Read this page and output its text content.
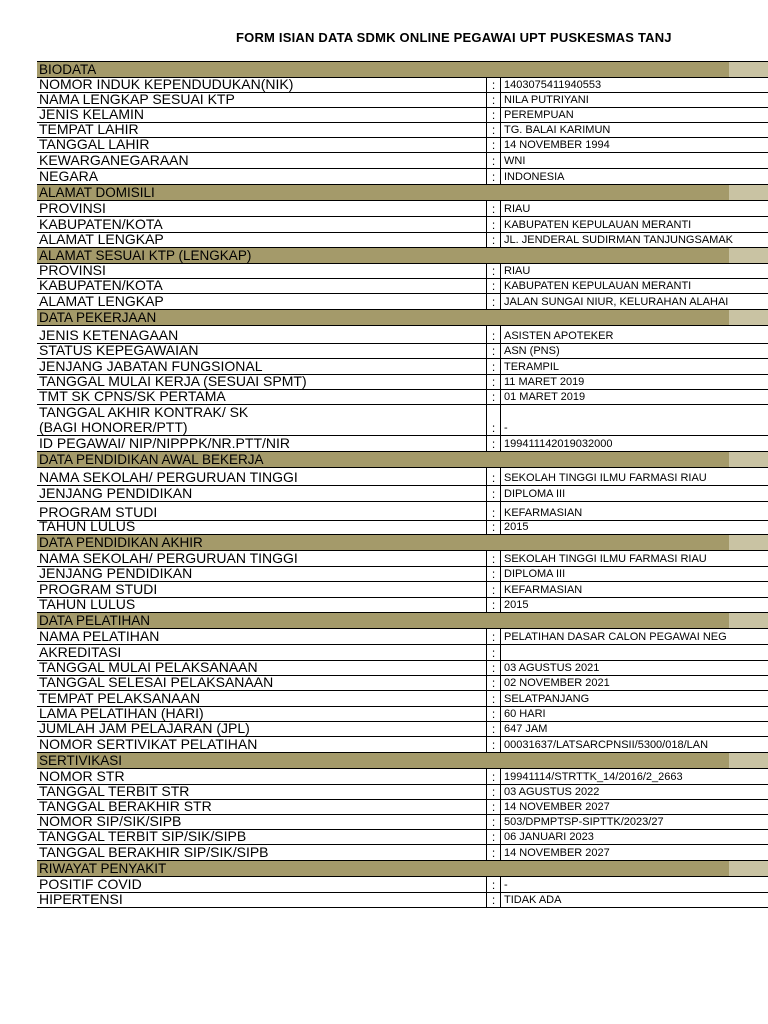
FORM ISIAN DATA SDMK ONLINE PEGAWAI UPT PUSKESMAS TANJ
BIODATA
NOMOR INDUK KEPENDUDUKAN(NIK)	: 1403075411940553
NAMA LENGKAP SESUAI KTP	: NILA PUTRIYANI
JENIS KELAMIN	: PEREMPUAN
TEMPAT LAHIR	: TG. BALAI KARIMUN
TANGGAL LAHIR	: 14 NOVEMBER 1994
KEWARGANEGARAAN	: WNI
NEGARA	: INDONESIA
ALAMAT DOMISILI
PROVINSI	: RIAU
KABUPATEN/KOTA	: KABUPATEN KEPULAUAN MERANTI
ALAMAT LENGKAP	: JL. JENDERAL SUDIRMAN TANJUNGSAMAK
ALAMAT SESUAI KTP (LENGKAP)
PROVINSI	: RIAU
KABUPATEN/KOTA	: KABUPATEN KEPULAUAN MERANTI
ALAMAT LENGKAP	: JALAN SUNGAI NIUR, KELURAHAN ALAHAI
DATA PEKERJAAN
JENIS KETENAGAAN	: ASISTEN APOTEKER
STATUS KEPEGAWAIAN	: ASN (PNS)
JENJANG JABATAN FUNGSIONAL	: TERAMPIL
TANGGAL MULAI KERJA (SESUAI SPMT)	: 11 MARET 2019
TMT SK CPNS/SK PERTAMA	: 01 MARET 2019
TANGGAL AKHIR KONTRAK/ SK
(BAGI HONORER/PTT)	: -
ID PEGAWAI/ NIP/NIPPPK/NR.PTT/NIR	: 199411142019032000
DATA PENDIDIKAN AWAL BEKERJA
NAMA SEKOLAH/ PERGURUAN TINGGI	: SEKOLAH TINGGI ILMU FARMASI RIAU
JENJANG PENDIDIKAN	: DIPLOMA III
PROGRAM STUDI	: KEFARMASIAN
TAHUN LULUS	: 2015
DATA PENDIDIKAN AKHIR
NAMA SEKOLAH/ PERGURUAN TINGGI	: SEKOLAH TINGGI ILMU FARMASI RIAU
JENJANG PENDIDIKAN	: DIPLOMA III
PROGRAM STUDI	: KEFARMASIAN
TAHUN LULUS	: 2015
DATA PELATIHAN
NAMA PELATIHAN	: PELATIHAN DASAR CALON PEGAWAI NEG
AKREDITASI	:
TANGGAL MULAI PELAKSANAAN	: 03 AGUSTUS 2021
TANGGAL SELESAI PELAKSANAAN	: 02 NOVEMBER 2021
TEMPAT PELAKSANAAN	: SELATPANJANG
LAMA PELATIHAN (HARI)	: 60 HARI
JUMLAH JAM PELAJARAN (JPL)	: 647 JAM
NOMOR SERTIVIKAT PELATIHAN	: 00031637/LATSARCPNSII/5300/018/LAN
SERTIVIKASI
NOMOR STR	: 19941114/STRTTK_14/2016/2_2663
TANGGAL TERBIT STR	: 03 AGUSTUS 2022
TANGGAL BERAKHIR STR	: 14 NOVEMBER 2027
NOMOR SIP/SIK/SIPB	: 503/DPMPTSP-SIPTTK/2023/27
TANGGAL TERBIT SIP/SIK/SIPB	: 06 JANUARI 2023
TANGGAL BERAKHIR SIP/SIK/SIPB	: 14 NOVEMBER 2027
RIWAYAT PENYAKIT
POSITIF COVID	: -
HIPERTENSI	: TIDAK ADA
